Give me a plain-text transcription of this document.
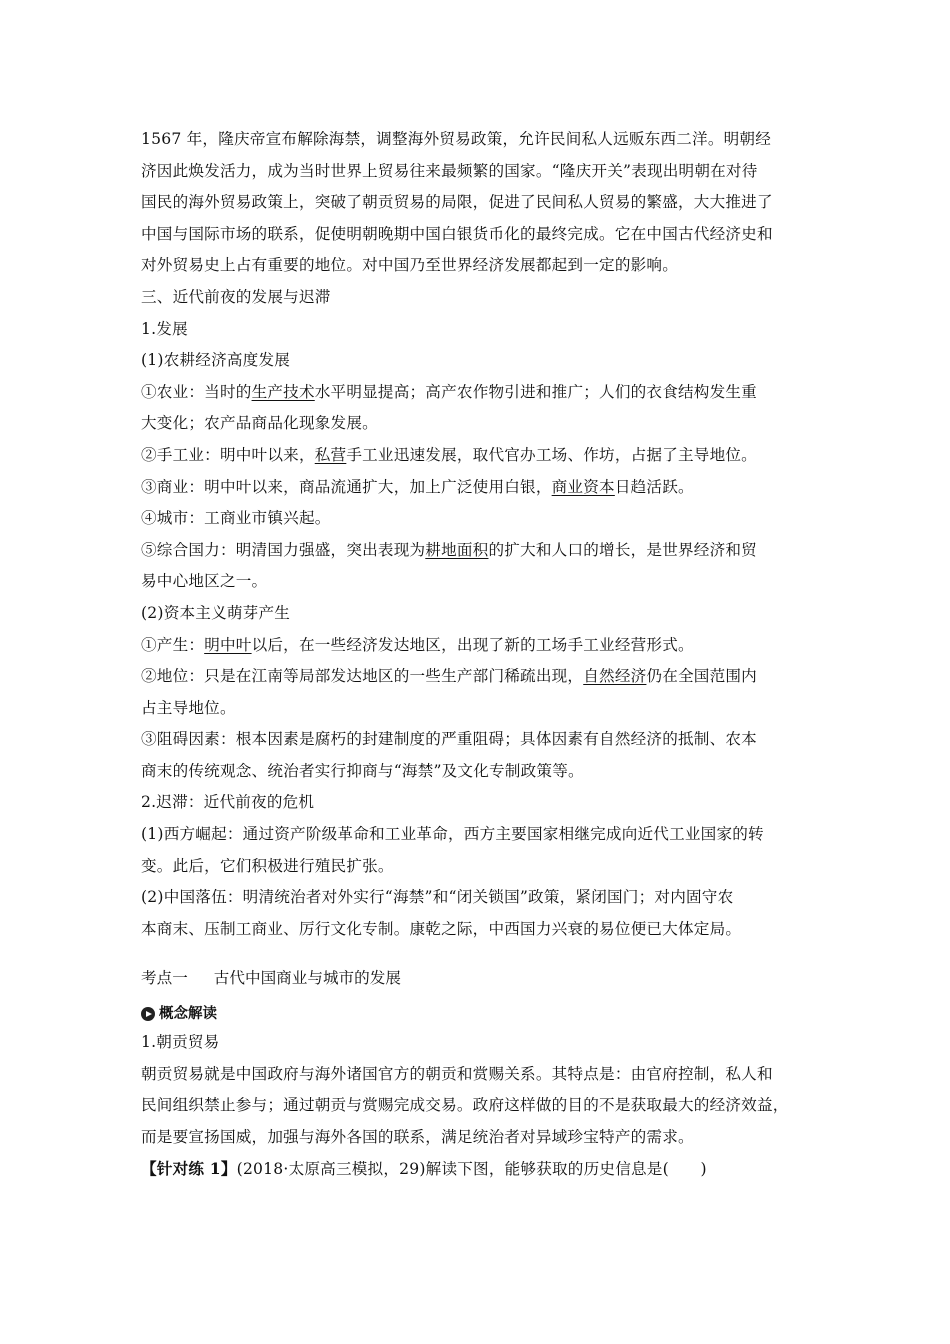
1567 年，隆庆帝宣布解除海禁，调整海外贸易政策，允许民间私人远贩东西二洋。明朝经
济因此焕发活力，成为当时世界上贸易往来最频繁的国家。“隆庆开关”表现出明朝在对待
国民的海外贸易政策上，突破了朝贡贸易的局限，促进了民间私人贸易的繁盛，大大推进了
中国与国际市场的联系，促使明朝晚期中国白银货币化的最终完成。它在中国古代经济史和
对外贸易史上占有重要的地位。对中国乃至世界经济发展都起到一定的影响。
三、近代前夜的发展与迟滞
1.发展
(1)农耕经济高度发展
①农业：当时的生产技术水平明显提高；高产农作物引进和推广；人们的衣食结构发生重
大变化；农产品商品化现象发展。
②手工业：明中叶以来，私营手工业迅速发展，取代官办工场、作坊，占据了主导地位。
③商业：明中叶以来，商品流通扩大，加上广泛使用白银，商业资本日趋活跃。
④城市：工商业市镇兴起。
⑤综合国力：明清国力强盛，突出表现为耕地面积的扩大和人口的增长，是世界经济和贸
易中心地区之一。
(2)资本主义萌芽产生
①产生：明中叶以后，在一些经济发达地区，出现了新的工场手工业经营形式。
②地位：只是在江南等局部发达地区的一些生产部门稀疏出现，自然经济仍在全国范围内
占主导地位。
③阻碍因素：根本因素是腐朽的封建制度的严重阻碍；具体因素有自然经济的抵制、农本
商末的传统观念、统治者实行抑商与“海禁”及文化专制政策等。
2.迟滞：近代前夜的危机
(1)西方崛起：通过资产阶级革命和工业革命，西方主要国家相继完成向近代工业国家的转
变。此后，它们积极进行殖民扩张。
(2)中国落伍：明清统治者对外实行“海禁”和“闭关锁国”政策，紧闭国门；对内固守农
本商末、压制工商业、厉行文化专制。康乾之际，中西国力兴衰的易位便已大体定局。
考点一 古代中国商业与城市的发展
概念解读
1.朝贡贸易
朝贡贸易就是中国政府与海外诸国官方的朝贡和赏赐关系。其特点是：由官府控制，私人和
民间组织禁止参与；通过朝贡与赏赐完成交易。政府这样做的目的不是获取最大的经济效益，
而是要宣扬国威，加强与海外各国的联系，满足统治者对异域珍宝特产的需求。
【针对练 1】(2018·太原高三模拟，29)解读下图，能够获取的历史信息是(　　)
